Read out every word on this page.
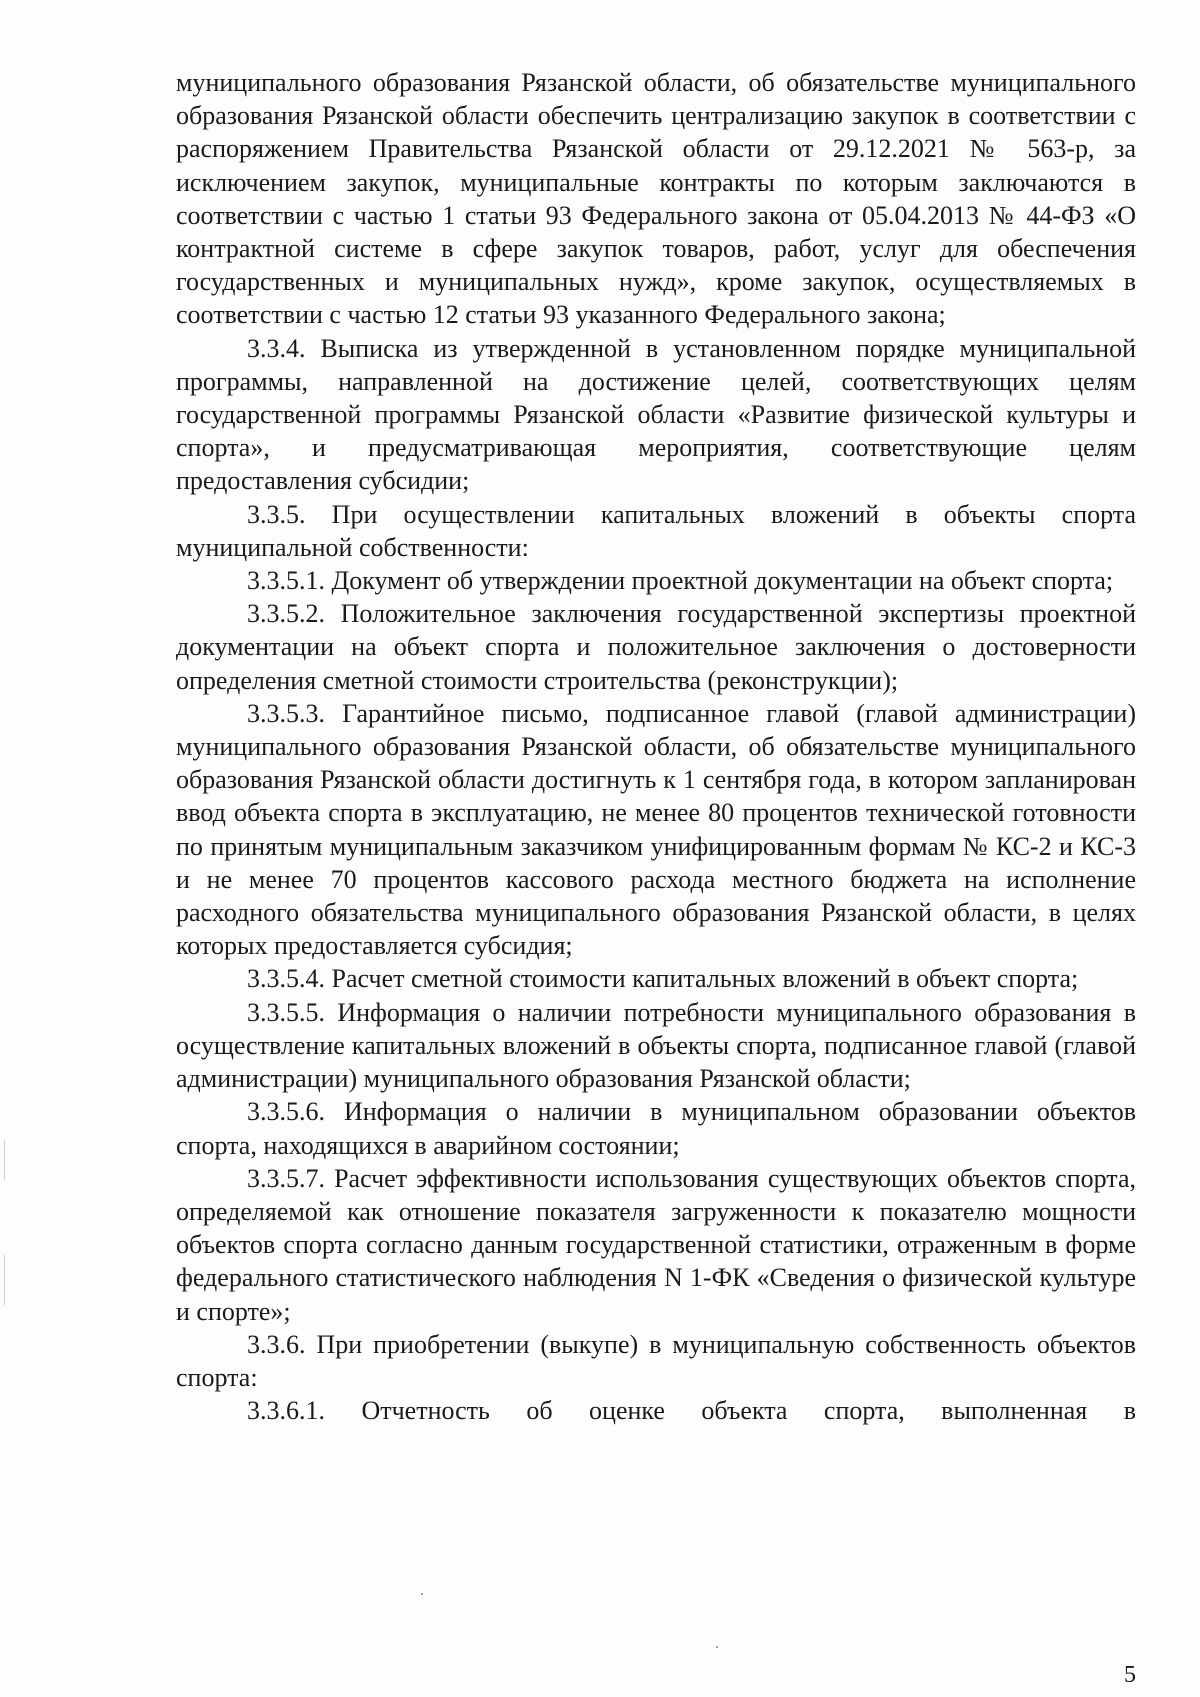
муниципального образования Рязанской области, об обязательстве муниципального образования Рязанской области обеспечить централизацию закупок в соответствии с распоряжением Правительства Рязанской области от 29.12.2021 № 563-р, за исключением закупок, муниципальные контракты по которым заключаются в соответствии с частью 1 статьи 93 Федерального закона от 05.04.2013 № 44-ФЗ «О контрактной системе в сфере закупок товаров, работ, услуг для обеспечения государственных и муниципальных нужд», кроме закупок, осуществляемых в соответствии с частью 12 статьи 93 указанного Федерального закона;

3.3.4. Выписка из утвержденной в установленном порядке муниципальной программы, направленной на достижение целей, соответствующих целям государственной программы Рязанской области «Развитие физической культуры и спорта», и предусматривающая мероприятия, соответствующие целям предоставления субсидии;

3.3.5. При осуществлении капитальных вложений в объекты спорта муниципальной собственности:

3.3.5.1. Документ об утверждении проектной документации на объект спорта;

3.3.5.2. Положительное заключения государственной экспертизы проектной документации на объект спорта и положительное заключения о достоверности определения сметной стоимости строительства (реконструкции);

3.3.5.3. Гарантийное письмо, подписанное главой (главой администрации) муниципального образования Рязанской области, об обязательстве муниципального образования Рязанской области достигнуть к 1 сентября года, в котором запланирован ввод объекта спорта в эксплуатацию, не менее 80 процентов технической готовности по принятым муниципальным заказчиком унифицированным формам № КС-2 и КС-3 и не менее 70 процентов кассового расхода местного бюджета на исполнение расходного обязательства муниципального образования Рязанской области, в целях которых предоставляется субсидия;

3.3.5.4. Расчет сметной стоимости капитальных вложений в объект спорта;

3.3.5.5. Информация о наличии потребности муниципального образования в осуществление капитальных вложений в объекты спорта, подписанное главой (главой администрации) муниципального образования Рязанской области;

3.3.5.6. Информация о наличии в муниципальном образовании объектов спорта, находящихся в аварийном состоянии;

3.3.5.7. Расчет эффективности использования существующих объектов спорта, определяемой как отношение показателя загруженности к показателю мощности объектов спорта согласно данным государственной статистики, отраженным в форме федерального статистического наблюдения N 1-ФК «Сведения о физической культуре и спорте»;

3.3.6. При приобретении (выкупе) в муниципальную собственность объектов спорта:

3.3.6.1. Отчетность об оценке объекта спорта, выполненная в

5
